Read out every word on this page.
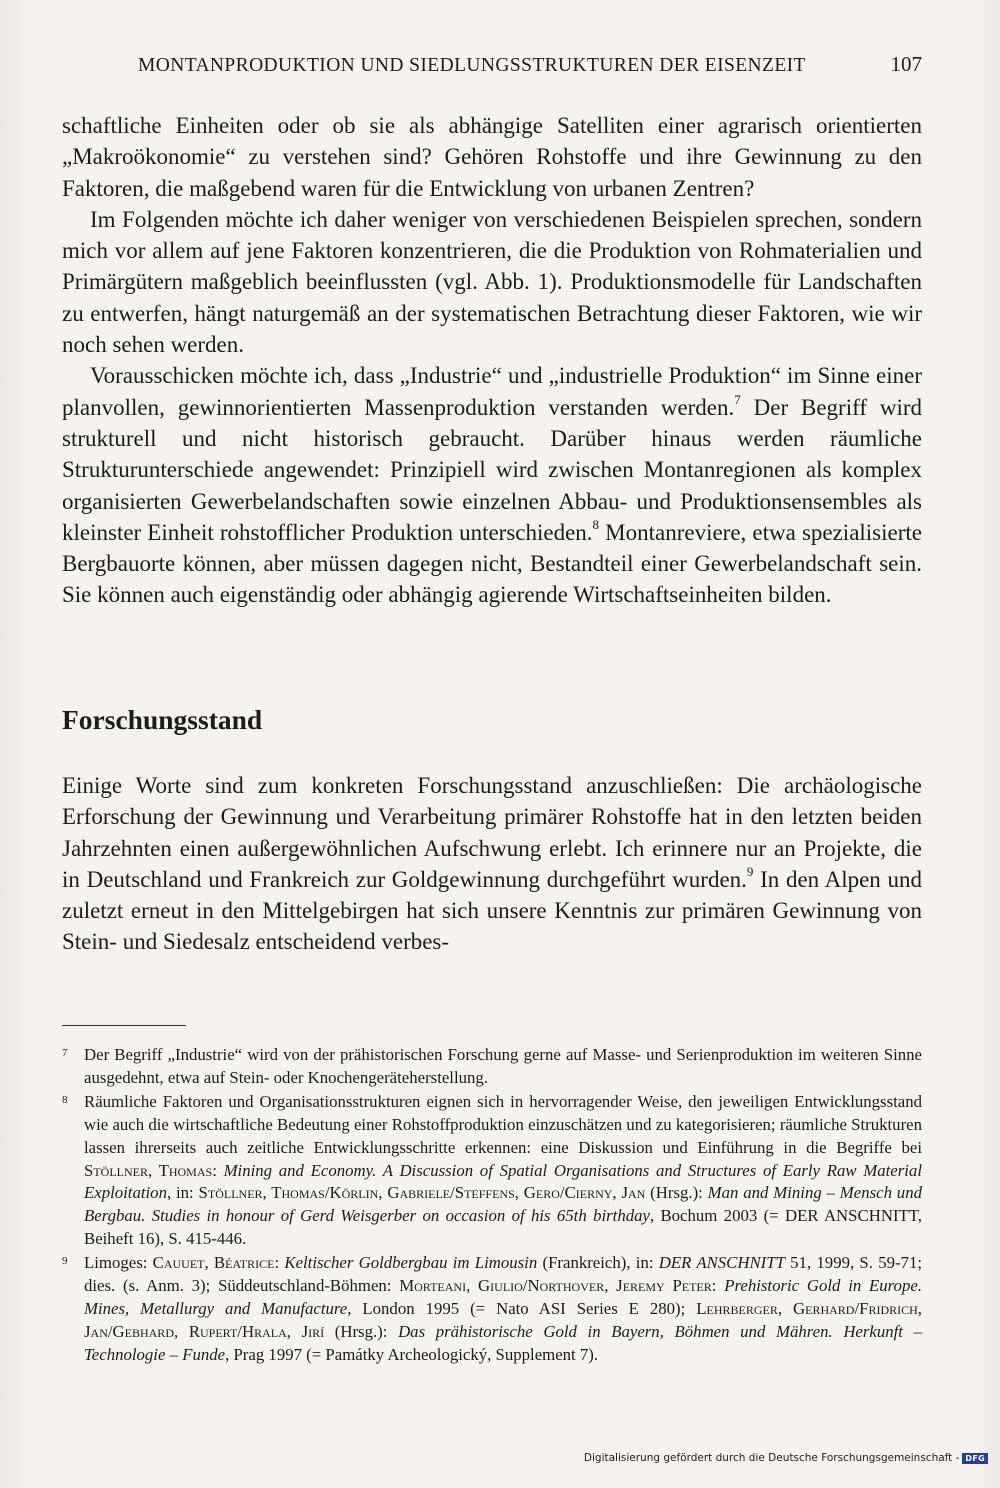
MONTANPRODUKTION UND SIEDLUNGSSTRUKTUREN DER EISENZEIT	107

schaftliche Einheiten oder ob sie als abhängige Satelliten einer agrarisch orientierten „Makroökonomie“ zu verstehen sind? Gehören Rohstoffe und ihre Gewinnung zu den Faktoren, die maßgebend waren für die Entwicklung von urbanen Zentren?

Im Folgenden möchte ich daher weniger von verschiedenen Beispielen sprechen, sondern mich vor allem auf jene Faktoren konzentrieren, die die Produktion von Rohmaterialien und Primärgütern maßgeblich beeinflussten (vgl. Abb. 1). Produktionsmodelle für Landschaften zu entwerfen, hängt naturgemäß an der systematischen Betrachtung dieser Faktoren, wie wir noch sehen werden.

Vorausschicken möchte ich, dass „Industrie“ und „industrielle Produktion“ im Sinne einer planvollen, gewinnorientierten Massenproduktion verstanden werden.$^7$ Der Begriff wird strukturell und nicht historisch gebraucht. Darüber hinaus werden räumliche Strukturunterschiede angewendet: Prinzipiell wird zwischen Montanregionen als komplex organisierten Gewerbelandschaften sowie einzelnen Abbau- und Produktionsensembles als kleinster Einheit rohstofflicher Produktion unterschieden.$^8$ Montanreviere, etwa spezialisierte Bergbauorte können, aber müssen dagegen nicht, Bestandteil einer Gewerbelandschaft sein. Sie können auch eigenständig oder abhängig agierende Wirtschaftseinheiten bilden.

Forschungsstand

Einige Worte sind zum konkreten Forschungsstand anzuschließen: Die archäologische Erforschung der Gewinnung und Verarbeitung primärer Rohstoffe hat in den letzten beiden Jahrzehnten einen außergewöhnlichen Aufschwung erlebt. Ich erinnere nur an Projekte, die in Deutschland und Frankreich zur Goldgewinnung durchgeführt wurden.$^9$ In den Alpen und zuletzt erneut in den Mittelgebirgen hat sich unsere Kenntnis zur primären Gewinnung von Stein- und Siedesalz entscheidend verbes-

7 Der Begriff „Industrie“ wird von der prähistorischen Forschung gerne auf Masse- und Serienproduktion im weiteren Sinne ausgedehnt, etwa auf Stein- oder Knochengeräteherstellung.
8 Räumliche Faktoren und Organisationsstrukturen eignen sich in hervorragender Weise, den jeweiligen Entwicklungsstand wie auch die wirtschaftliche Bedeutung einer Rohstoffproduktion einzuschätzen und zu kategorisieren; räumliche Strukturen lassen ihrerseits auch zeitliche Entwicklungsschritte erkennen: eine Diskussion und Einführung in die Begriffe bei Stöllner, Thomas: Mining and Economy. A Discussion of Spatial Organisations and Structures of Early Raw Material Exploitation, in: Stöllner, Thomas/Körlin, Gabriele/Steffens, Gero/Cierny, Jan (Hrsg.): Man and Mining – Mensch und Bergbau. Studies in honour of Gerd Weisgerber on occasion of his 65th birthday, Bochum 2003 (= DER ANSCHNITT, Beiheft 16), S. 415-446.
9 Limoges: Cauuet, Béatrice: Keltischer Goldbergbau im Limousin (Frankreich), in: DER ANSCHNITT 51, 1999, S. 59-71; dies. (s. Anm. 3); Süddeutschland-Böhmen: Morteani, Giulio/Northover, Jeremy Peter: Prehistoric Gold in Europe. Mines, Metallurgy and Manufacture, London 1995 (= Nato ASI Series E 280); Lehrberger, Gerhard/Fridrich, Jan/Gebhard, Rupert/Hrala, Jirí (Hrsg.): Das prähistorische Gold in Bayern, Böhmen und Mähren. Herkunft – Technologie – Funde, Prag 1997 (= Památky Archeologický, Supplement 7).
Digitalisierung gefördert durch die Deutsche Forschungsgemeinschaft - DFG
